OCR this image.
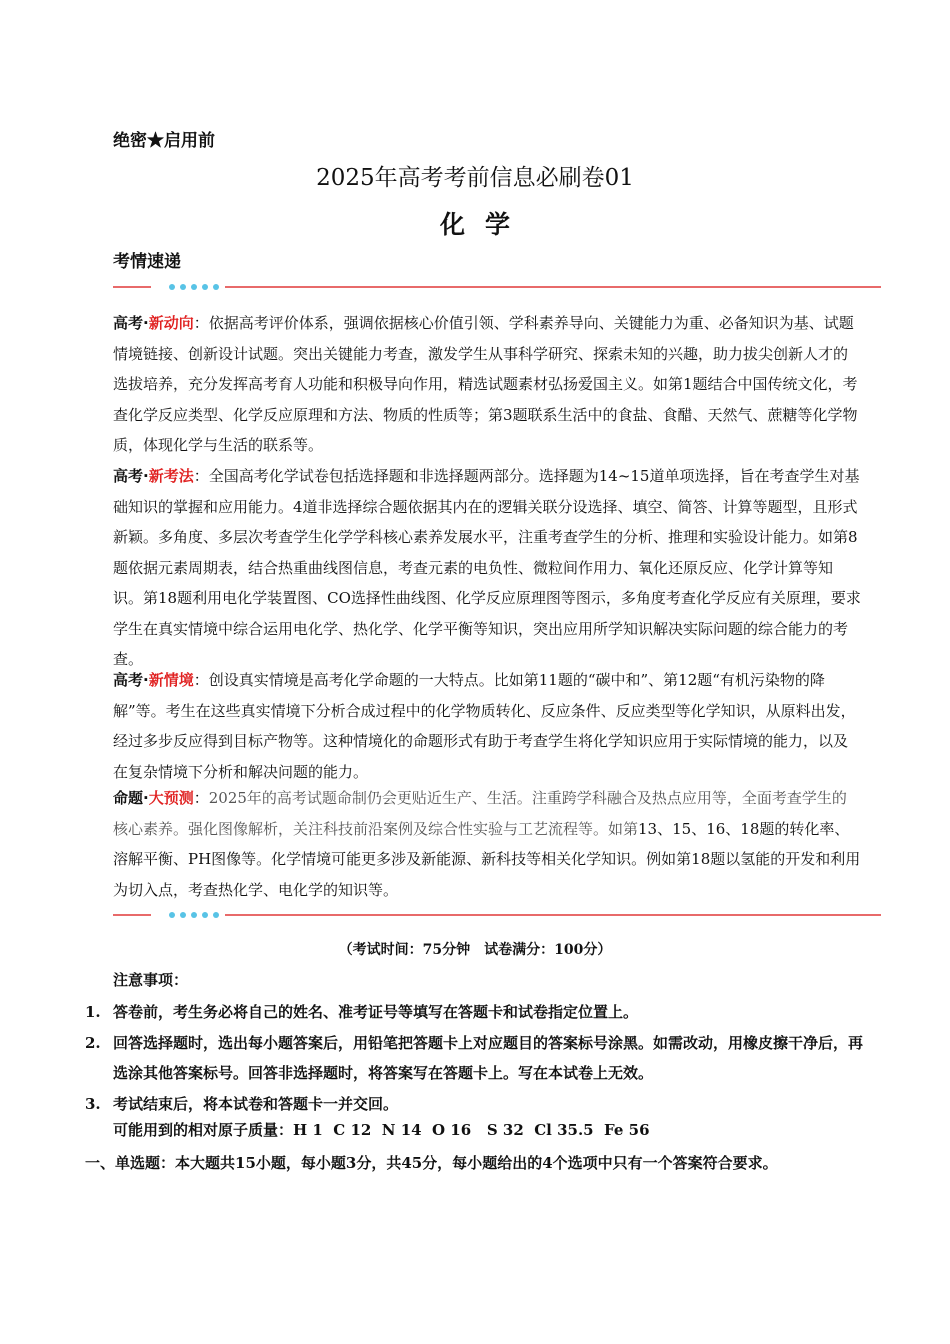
绝密★启用前
2025年高考考前信息必刷卷01
化学
考情速递
高考·新动向：依据高考评价体系，强调依据核心价值引领、学科素养导向、关键能力为重、必备知识为基、试题情境链接、创新设计试题。突出关键能力考查，激发学生从事科学研究、探索未知的兴趣，助力拔尖创新人才的选拔培养，充分发挥高考育人功能和积极导向作用，精选试题素材弘扬爱国主义。如第1题结合中国传统文化，考查化学反应类型、化学反应原理和方法、物质的性质等；第3题联系生活中的食盐、食醋、天然气、蔗糖等化学物质，体现化学与生活的联系等。
高考·新考法：全国高考化学试卷包括选择题和非选择题两部分。选择题为14~15道单项选择，旨在考查学生对基础知识的掌握和应用能力。4道非选择综合题依据其内在的逻辑关联分设选择、填空、简答、计算等题型，且形式新颖。多角度、多层次考查学生化学学科核心素养发展水平，注重考查学生的分析、推理和实验设计能力。如第8题依据元素周期表，结合热重曲线图信息，考查元素的电负性、微粒间作用力、氧化还原反应、化学计算等知识。第18题利用电化学装置图、CO选择性曲线图、化学反应原理图等图示，多角度考查化学反应有关原理，要求学生在真实情境中综合运用电化学、热化学、化学平衡等知识，突出应用所学知识解决实际问题的综合能力的考查。
高考·新情境：创设真实情境是高考化学命题的一大特点。比如第11题的“碳中和”、第12题“有机污染物的降解”等。考生在这些真实情境下分析合成过程中的化学物质转化、反应条件、反应类型等化学知识，从原料出发，经过多步反应得到目标产物等。这种情境化的命题形式有助于考查学生将化学知识应用于实际情境的能力，以及在复杂情境下分析和解决问题的能力。
命题·大预测：2025年的高考试题命制仍会更贴近生产、生活。注重跨学科融合及热点应用等，全面考查学生的核心素养。强化图像解析，关注科技前沿案例及综合性实验与工艺流程等。如第13、15、16、18题的转化率、溶解平衡、PH图像等。化学情境可能更多涉及新能源、新科技等相关化学知识。例如第18题以氢能的开发和利用为切入点，考查热化学、电化学的知识等。
（考试时间：75分钟　试卷满分：100分）
注意事项：
1. 答卷前，考生务必将自己的姓名、准考证号等填写在答题卡和试卷指定位置上。
2. 回答选择题时，选出每小题答案后，用铅笔把答题卡上对应题目的答案标号涂黑。如需改动，用橡皮擦干净后，再选涂其他答案标号。回答非选择题时，将答案写在答题卡上。写在本试卷上无效。
3. 考试结束后，将本试卷和答题卡一并交回。
可能用到的相对原子质量：H 1  C 12  N 14  O 16   S 32  Cl 35.5  Fe 56
一、单选题：本大题共15小题，每小题3分，共45分，每小题给出的4个选项中只有一个答案符合要求。
